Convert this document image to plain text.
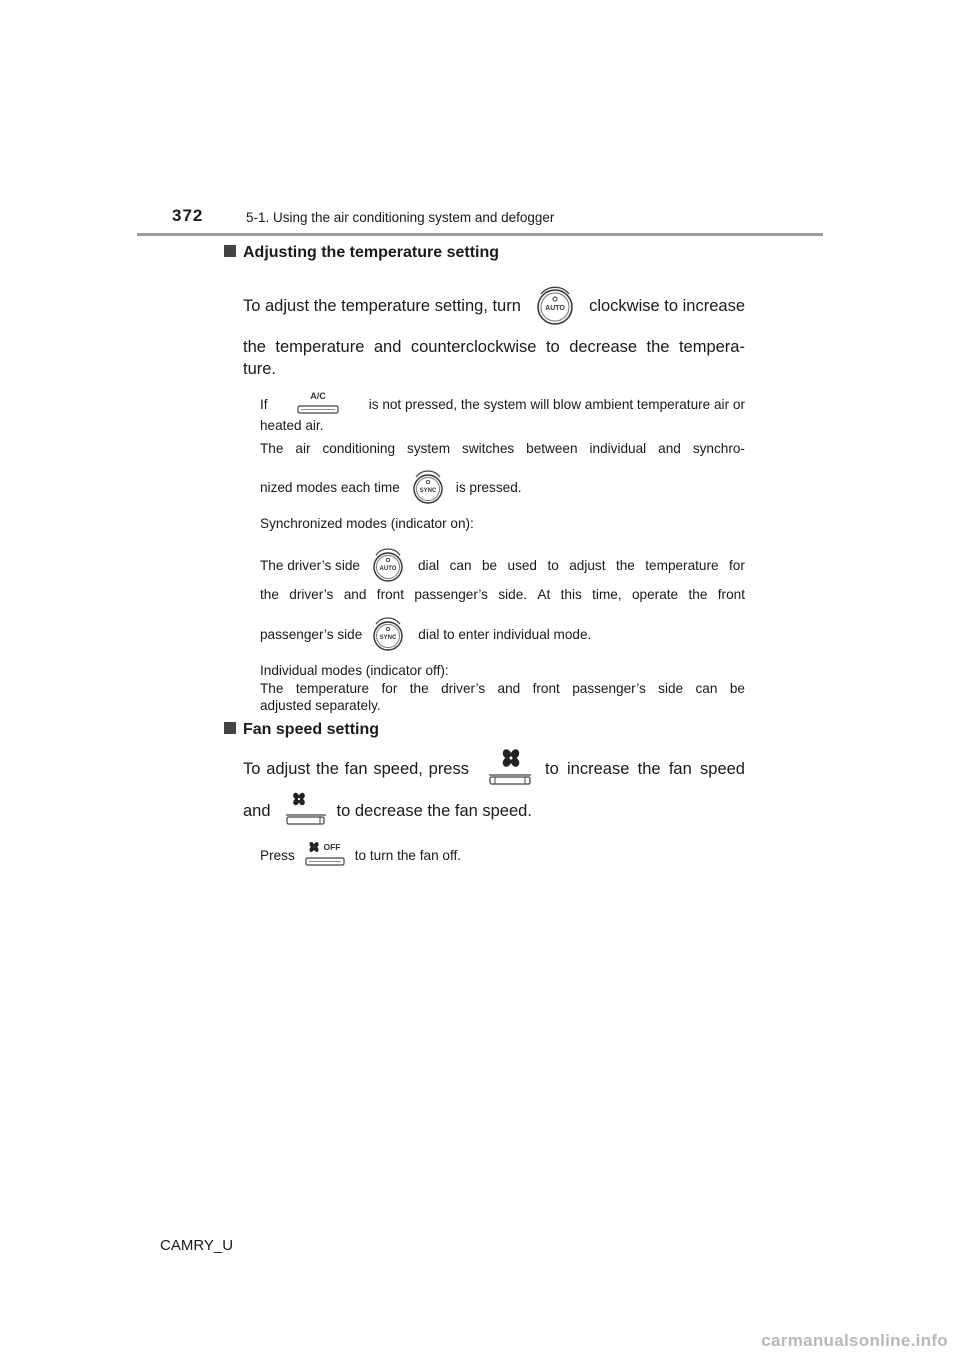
372	5-1. Using the air conditioning system and defogger
Adjusting the temperature setting
To adjust the temperature setting, turn	AUTO clockwise to increase
the temperature and counterclockwise to decrease the tempera-
ture.
If
A/C
is not pressed, the system will blow ambient temperature air or
heated air.
The air conditioning system switches between individual and synchro-
nized modes each time	SYNC is pressed.
Synchronized modes (indicator on):
The driver’s side	AUTO dial can be used to adjust the temperature for
the driver’s and front passenger’s side. At this time, operate the front
passenger’s side	SYNC dial to enter individual mode.
Individual modes (indicator off):
The temperature for the driver’s and front passenger’s side can be
adjusted separately.
Fan speed setting
To adjust the fan speed, press	to increase the fan speed
and	to decrease the fan speed.
Press
OFF
to turn the fan off.
CAMRY_U
carmanualsonline.info
